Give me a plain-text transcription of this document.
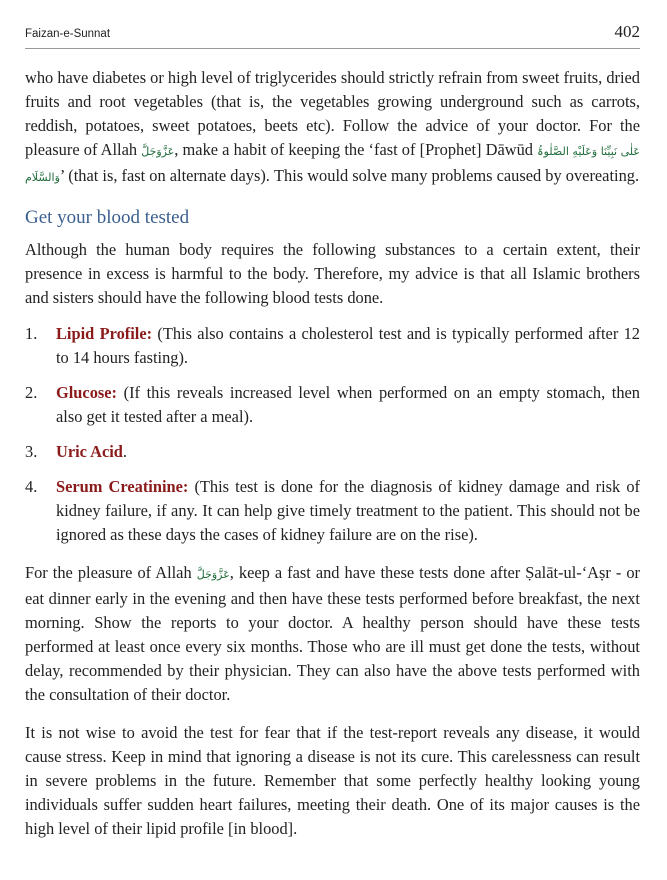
Faizan-e-Sunnat	402

who have diabetes or high level of triglycerides should strictly refrain from sweet fruits, dried fruits and root vegetables (that is, the vegetables growing underground such as carrots, reddish, potatoes, sweet potatoes, beets etc). Follow the advice of your doctor. For the pleasure of Allah عَزَّوَجَلَّ, make a habit of keeping the ‘fast of [Prophet] Dāwūd عَلٰی نَبِیِّنَا وَعَلَیْهِ الصَّلٰوۃُ وَالسَّلَام’ (that is, fast on alternate days). This would solve many problems caused by overeating.

Get your blood tested

Although the human body requires the following substances to a certain extent, their presence in excess is harmful to the body. Therefore, my advice is that all Islamic brothers and sisters should have the following blood tests done.

1. Lipid Profile: (This also contains a cholesterol test and is typically performed after 12 to 14 hours fasting).
2. Glucose: (If this reveals increased level when performed on an empty stomach, then also get it tested after a meal).
3. Uric Acid.
4. Serum Creatinine: (This test is done for the diagnosis of kidney damage and risk of kidney failure, if any. It can help give timely treatment to the patient. This should not be ignored as these days the cases of kidney failure are on the rise).

For the pleasure of Allah عَزَّوَجَلَّ, keep a fast and have these tests done after Ṣalāt-ul-‘Aṣr - or eat dinner early in the evening and then have these tests performed before breakfast, the next morning. Show the reports to your doctor. A healthy person should have these tests performed at least once every six months. Those who are ill must get done the tests, without delay, recommended by their physician. They can also have the above tests performed with the consultation of their doctor.

It is not wise to avoid the test for fear that if the test-report reveals any disease, it would cause stress. Keep in mind that ignoring a disease is not its cure. This carelessness can result in severe problems in the future. Remember that some perfectly healthy looking young individuals suffer sudden heart failures, meeting their death. One of its major causes is the high level of their lipid profile [in blood].
